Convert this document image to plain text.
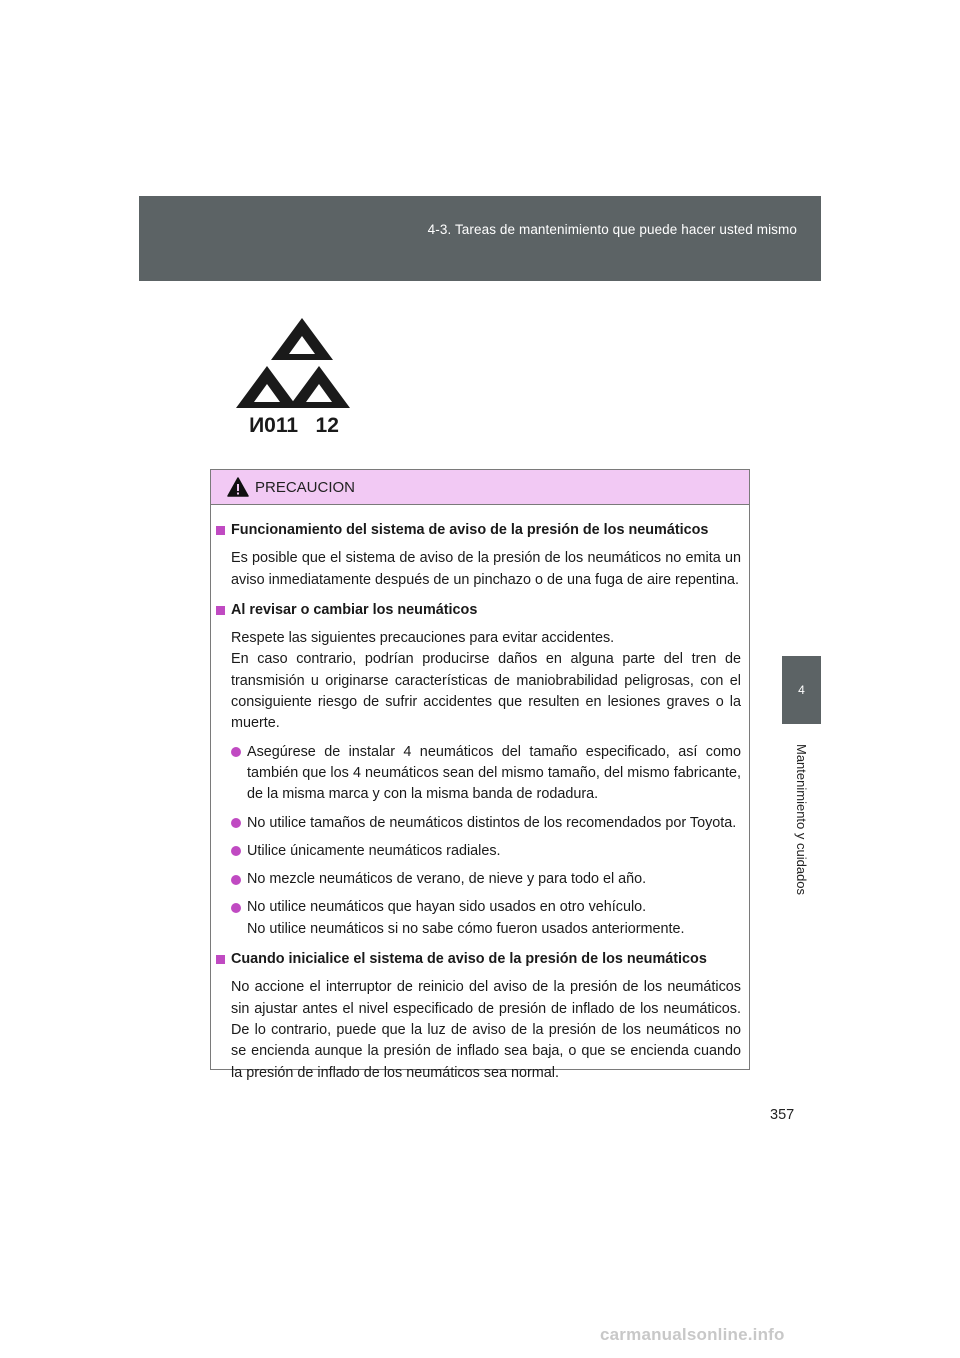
4-3. Tareas de mantenimiento que puede hacer usted mismo
4
Mantenimiento y cuidados
И011   12
PRECAUCION
Funcionamiento del sistema de aviso de la presión de los neumáticos
Es posible que el sistema de aviso de la presión de los neumáticos no emita un aviso inmediatamente después de un pinchazo o de una fuga de aire repentina.
Al revisar o cambiar los neumáticos
Respete las siguientes precauciones para evitar accidentes.
En caso contrario, podrían producirse daños en alguna parte del tren de transmisión u originarse características de maniobrabilidad peligrosas, con el consiguiente riesgo de sufrir accidentes que resulten en lesiones graves o la muerte.
Asegúrese de instalar 4 neumáticos del tamaño especificado, así como también que los 4 neumáticos sean del mismo tamaño, del mismo fabricante, de la misma marca y con la misma banda de rodadura.
No utilice tamaños de neumáticos distintos de los recomendados por Toyota.
Utilice únicamente neumáticos radiales.
No mezcle neumáticos de verano, de nieve y para todo el año.
No utilice neumáticos que hayan sido usados en otro vehículo.
No utilice neumáticos si no sabe cómo fueron usados anteriormente.
Cuando inicialice el sistema de aviso de la presión de los neumáticos
No accione el interruptor de reinicio del aviso de la presión de los neumáticos sin ajustar antes el nivel especificado de presión de inflado de los neumáticos. De lo contrario, puede que la luz de aviso de la presión de los neumáticos no se encienda aunque la presión de inflado sea baja, o que se encienda cuando la presión de inflado de los neumáticos sea normal.
357
carmanualsonline.info
